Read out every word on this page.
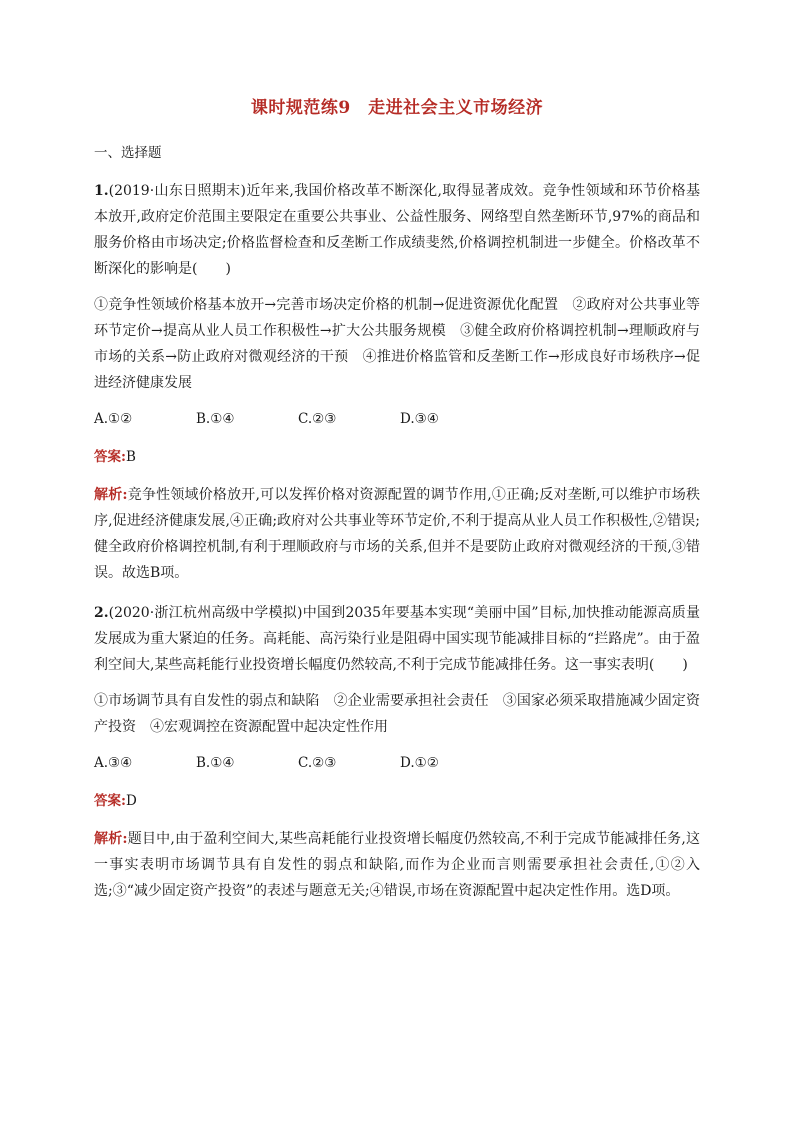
课时规范练9　走进社会主义市场经济
一、选择题

1.(2019·山东日照期末)近年来,我国价格改革不断深化,取得显著成效。竞争性领域和环节价格基本放开,政府定价范围主要限定在重要公共事业、公益性服务、网络型自然垄断环节,97%的商品和服务价格由市场决定;价格监督检查和反垄断工作成绩斐然,价格调控机制进一步健全。价格改革不断深化的影响是(　　)

①竞争性领域价格基本放开→完善市场决定价格的机制→促进资源优化配置　②政府对公共事业等环节定价→提高从业人员工作积极性→扩大公共服务规模　③健全政府价格调控机制→理顺政府与市场的关系→防止政府对微观经济的干预　④推进价格监管和反垄断工作→形成良好市场秩序→促进经济健康发展

A.①②	B.①④	C.②③	D.③④

答案:B

解析:竞争性领域价格放开,可以发挥价格对资源配置的调节作用,①正确;反对垄断,可以维护市场秩序,促进经济健康发展,④正确;政府对公共事业等环节定价,不利于提高从业人员工作积极性,②错误;健全政府价格调控机制,有利于理顺政府与市场的关系,但并不是要防止政府对微观经济的干预,③错误。故选B项。

2.(2020·浙江杭州高级中学模拟)中国到2035年要基本实现“美丽中国”目标,加快推动能源高质量发展成为重大紧迫的任务。高耗能、高污染行业是阻碍中国实现节能减排目标的“拦路虎”。由于盈利空间大,某些高耗能行业投资增长幅度仍然较高,不利于完成节能减排任务。这一事实表明(　　)

①市场调节具有自发性的弱点和缺陷　②企业需要承担社会责任　③国家必须采取措施减少固定资产投资　④宏观调控在资源配置中起决定性作用

A.③④	B.①④	C.②③	D.①②

答案:D

解析:题目中,由于盈利空间大,某些高耗能行业投资增长幅度仍然较高,不利于完成节能减排任务,这一事实表明市场调节具有自发性的弱点和缺陷,而作为企业而言则需要承担社会责任,①②入选;③“减少固定资产投资”的表述与题意无关;④错误,市场在资源配置中起决定性作用。选D项。
